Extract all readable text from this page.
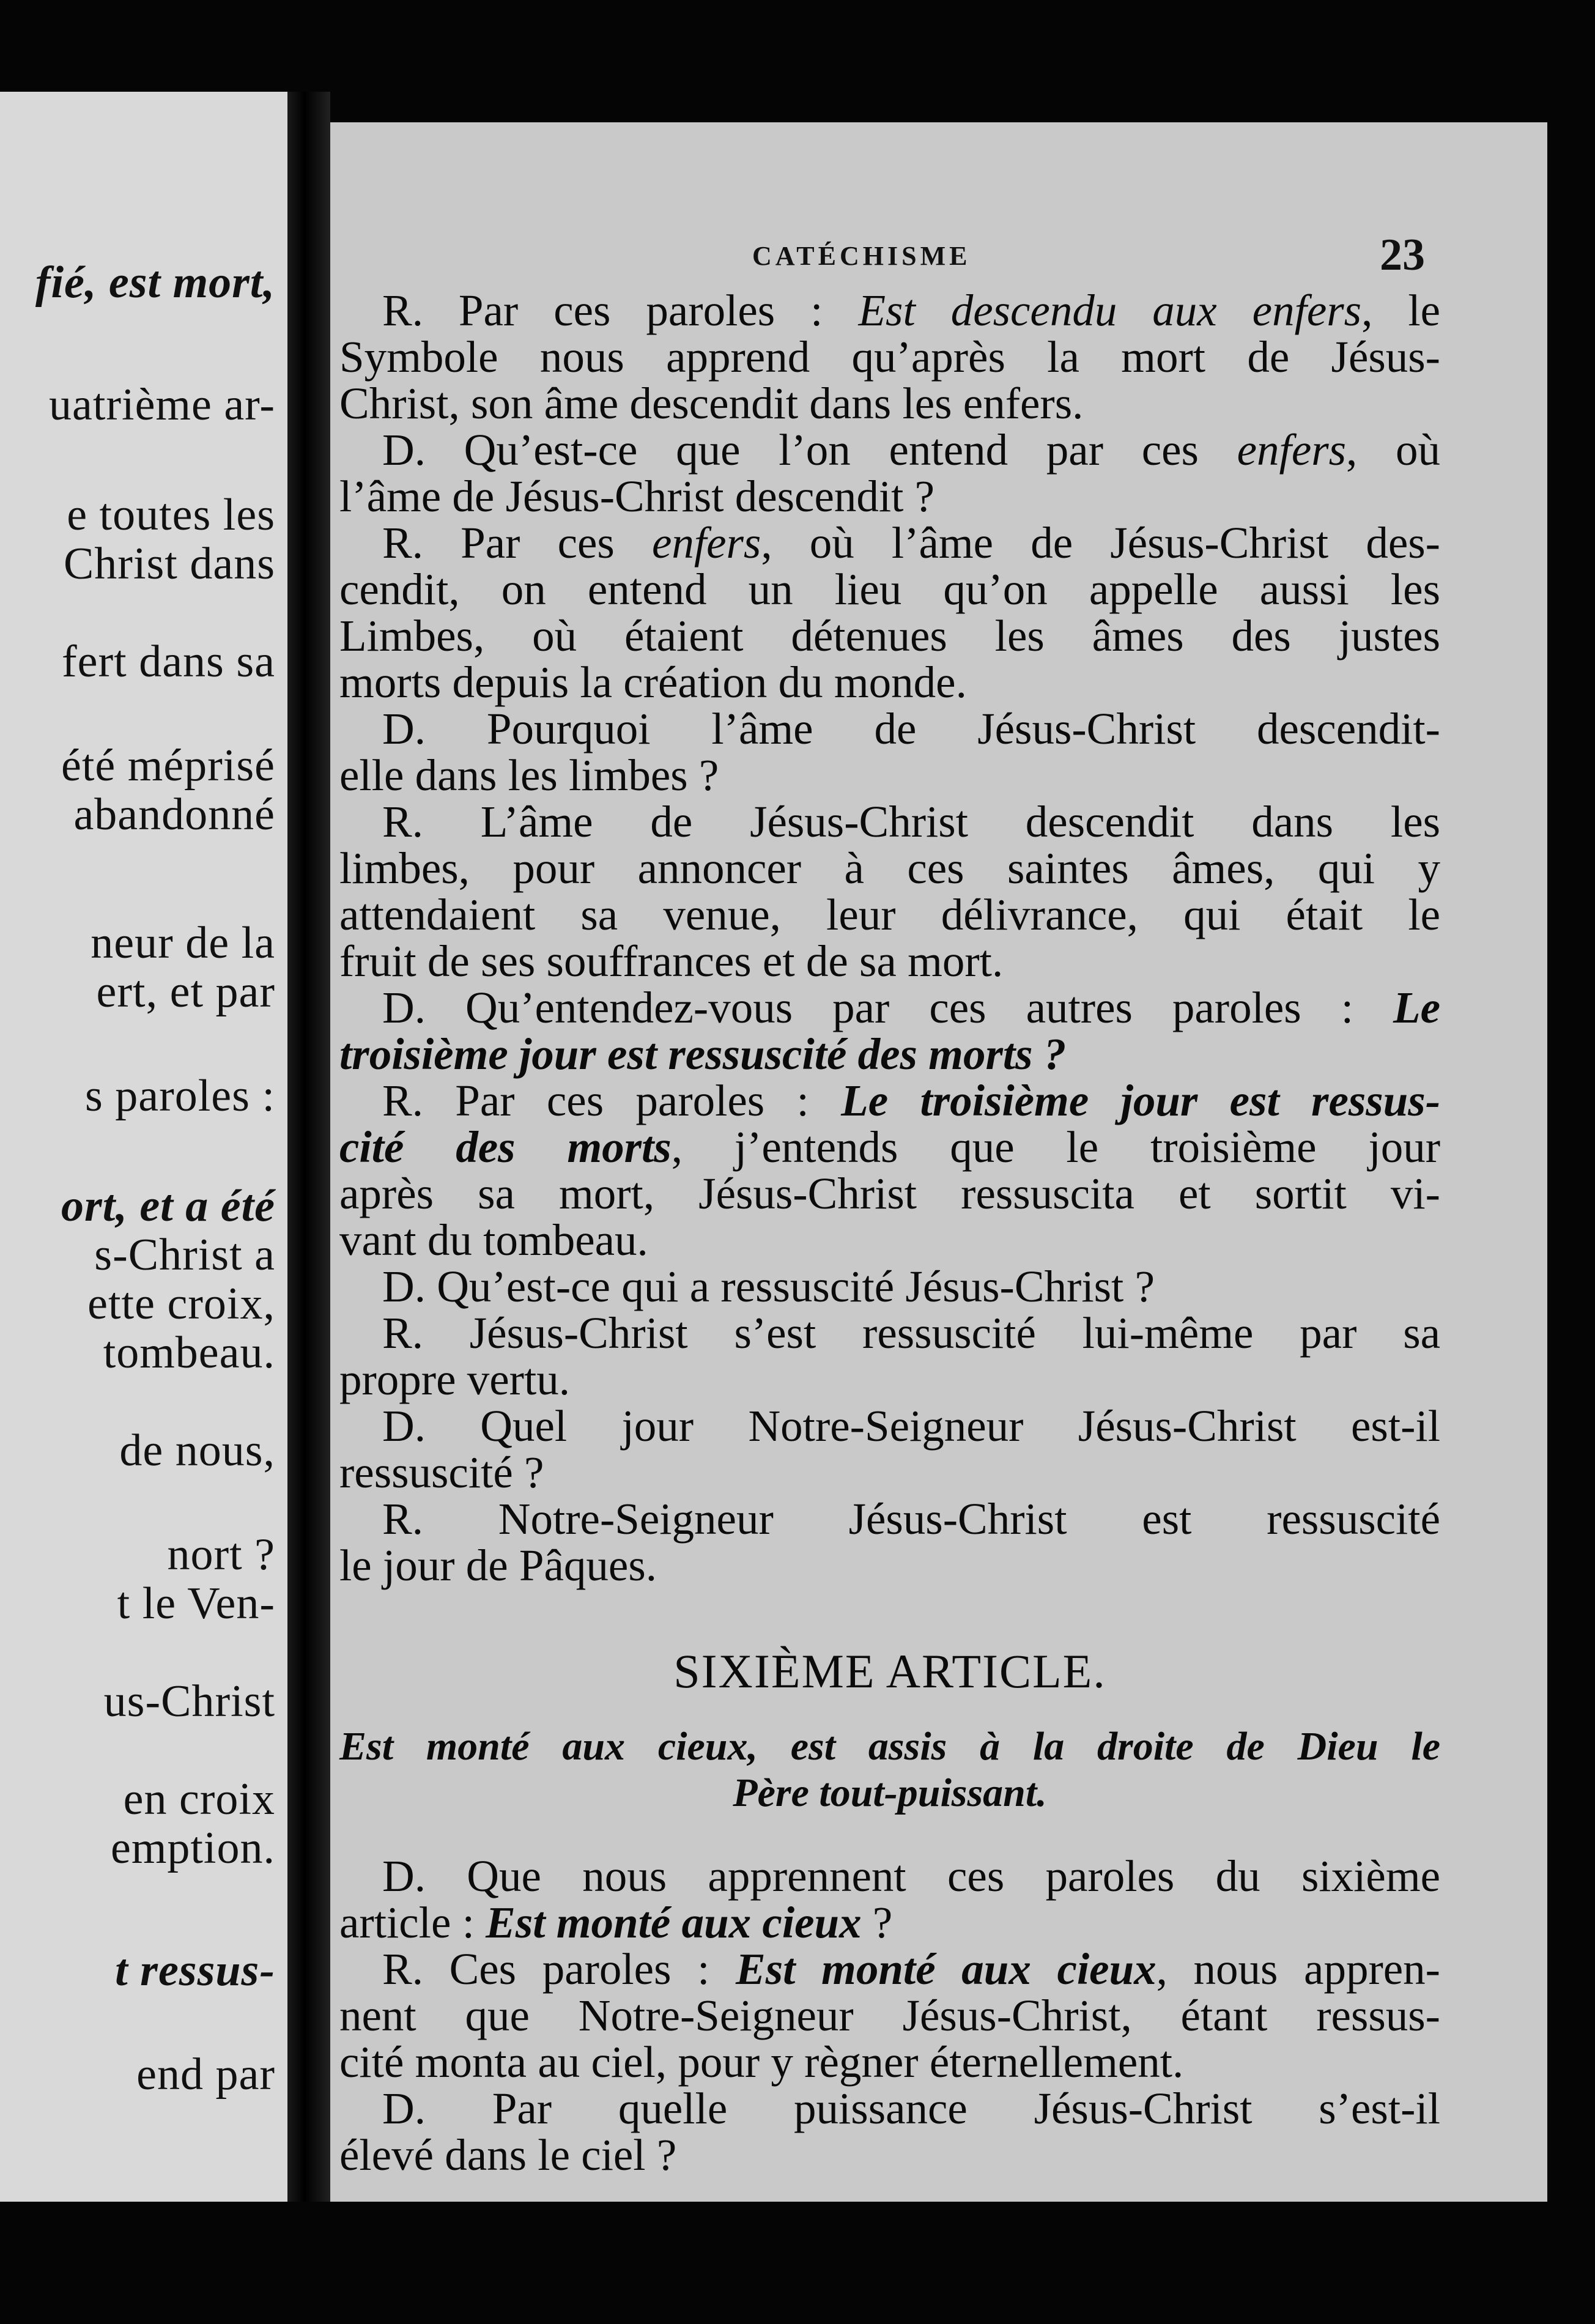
fié, est mort,
uatrième ar-
e toutes les
Christ dans
fert dans sa
été méprisé
abandonné
neur de la
ert, et par
s paroles :
ort, et a été
s-Christ a
ette croix,
tombeau.
de nous,
nort ?
t le Ven-
us-Christ
en croix
emption.
t ressus-
end par
CATÉCHISME	23
R. Par ces paroles : Est descendu aux enfers, le
Symbole nous apprend qu’après la mort de Jésus-
Christ, son âme descendit dans les enfers.
D. Qu’est-ce que l’on entend par ces enfers, où
l’âme de Jésus-Christ descendit ?
R. Par ces enfers, où l’âme de Jésus-Christ des-
cendit, on entend un lieu qu’on appelle aussi les
Limbes, où étaient détenues les âmes des justes
morts depuis la création du monde.
D. Pourquoi l’âme de Jésus-Christ descendit-
elle dans les limbes ?
R. L’âme de Jésus-Christ descendit dans les
limbes, pour annoncer à ces saintes âmes, qui y
attendaient sa venue, leur délivrance, qui était le
fruit de ses souffrances et de sa mort.
D. Qu’entendez-vous par ces autres paroles : Le
troisième jour est ressuscité des morts ?
R. Par ces paroles : Le troisième jour est ressus-
cité des morts, j’entends que le troisième jour
après sa mort, Jésus-Christ ressuscita et sortit vi-
vant du tombeau.
D. Qu’est-ce qui a ressuscité Jésus-Christ ?
R. Jésus-Christ s’est ressuscité lui-même par sa
propre vertu.
D. Quel jour Notre-Seigneur Jésus-Christ est-il
ressuscité ?
R. Notre-Seigneur Jésus-Christ est ressuscité
le jour de Pâques.
SIXIÈME ARTICLE.
Est monté aux cieux, est assis à la droite de Dieu le
Père tout-puissant.
D. Que nous apprennent ces paroles du sixième
article : Est monté aux cieux ?
R. Ces paroles : Est monté aux cieux, nous appren-
nent que Notre-Seigneur Jésus-Christ, étant ressus-
cité monta au ciel, pour y règner éternellement.
D. Par quelle puissance Jésus-Christ s’est-il
élevé dans le ciel ?
